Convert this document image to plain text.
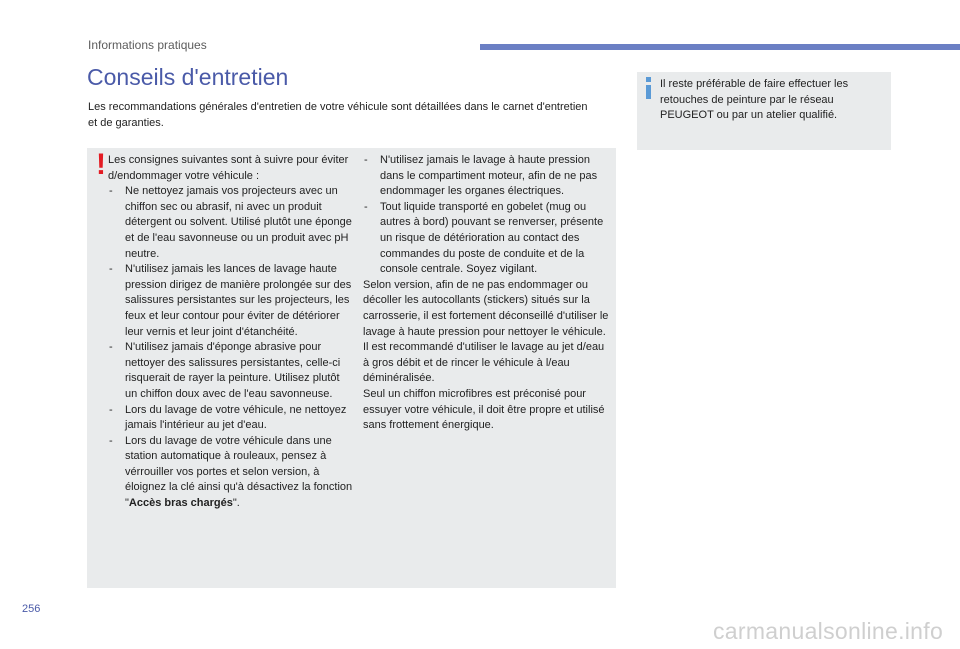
Informations pratiques
Conseils d'entretien

Les recommandations générales d'entretien de votre véhicule sont détaillées dans le carnet d'entretien et de garanties.

! Les consignes suivantes sont à suivre pour éviter d/endommager votre véhicule :

- Ne nettoyez jamais vos projecteurs avec un chiffon sec ou abrasif, ni avec un produit détergent ou solvent. Utilisé plutôt une éponge et de l'eau savonneuse ou un produit avec pH neutre.
- N'utilisez jamais les lances de lavage haute pression dirigez de manière prolongée sur des salissures persistantes sur les projecteurs, les feux et leur contour pour éviter de détériorer leur vernis et leur joint d'étanchéité.
- N'utilisez jamais d'éponge abrasive pour nettoyer des salissures persistantes, celle-ci risquerait de rayer la peinture. Utilisez plutôt un chiffon doux avec de l'eau savonneuse.
- Lors du lavage de votre véhicule, ne nettoyez jamais l'intérieur au jet d'eau.
- Lors du lavage de votre véhicule dans une station automatique à rouleaux, pensez à vérrouiller vos portes et selon version, à éloignez la clé ainsi qu'à désactivez la fonction "Accès bras chargés".
- N'utilisez jamais le lavage à haute pression dans le compartiment moteur, afin de ne pas endommager les organes électriques.
- Tout liquide transporté en gobelet (mug ou autres à bord) pouvant se renverser, présente un risque de détérioration au contact des commandes du poste de conduite et de la console centrale. Soyez vigilant.

Selon version, afin de ne pas endommager ou décoller les autocollants (stickers) situés sur la carrosserie, il est fortement déconseillé d'utiliser le lavage à haute pression pour nettoyer le véhicule. Il est recommandé d'utiliser le lavage au jet d/eau à gros débit et de rincer le véhicule à l/eau déminéralisée.

Seul un chiffon microfibres est préconisé pour essuyer votre véhicule, il doit être propre et utilisé sans frottement énergique.

Il reste préférable de faire effectuer les retouches de peinture par le réseau PEUGEOT ou par un atelier qualifié.

256
carmanualsonline.info
